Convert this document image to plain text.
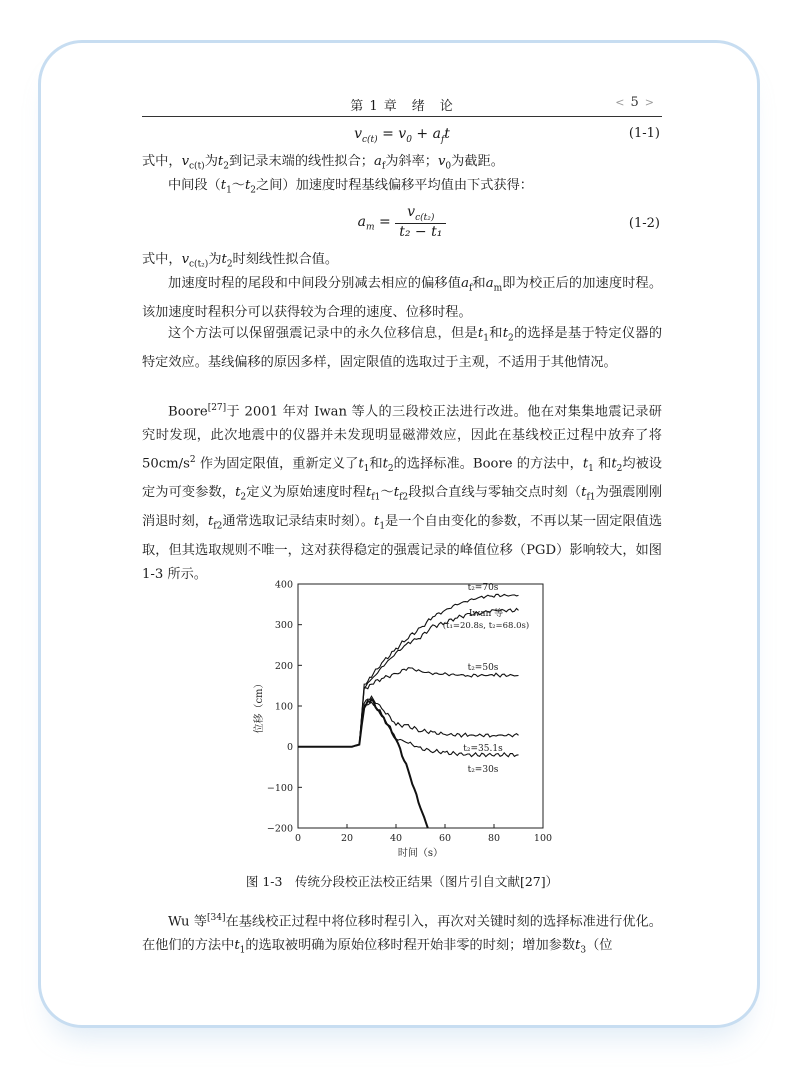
第 1 章　绪　论	< 5 >
$v_{c(t)} = v_0 + a_ft$	(1-1)
式中，$v_{c(t)}$为$t_2$到记录末端的线性拟合；$a_f$为斜率；$v_0$为截距。
中间段（$t_1\sim t_2$之间）加速度时程基线偏移平均值由下式获得：
$a_m = \frac{v_{c(t_2)}}{\text{t₂ − t₁}}$	(1-2)
式中，$v_{c(t_2)}$为$t_2$时刻线性拟合值。
加速度时程的尾段和中间段分别减去相应的偏移值$a_f$和$a_m$即为校正后的加速度时程。该加速度时程积分可以获得较为合理的速度、位移时程。
这个方法可以保留强震记录中的永久位移信息，但是$t_1$和$t_2$的选择是基于特定仪器的特定效应。基线偏移的原因多样，固定限值的选取过于主观，不适用于其他情况。
Boore[27]于 2001 年对 Iwan 等人的三段校正法进行改进。他在对集集地震记录研究时发现，此次地震中的仪器并未发现明显磁滞效应，因此在基线校正过程中放弃了将 $50cm/s^2$ 作为固定限值，重新定义了$t_1$和$t_2$的选择标准。Boore 的方法中，$t_1$ 和$t_2$均被设定为可变参数，$t_2$定义为原始速度时程$t_{f1}\sim t_{f2}$段拟合直线与零轴交点时刻（$t_{f1}$为强震刚刚消退时刻，$t_{f2}$通常选取记录结束时刻）。$t_1$是一个自由变化的参数，不再以某一固定限值选取，但其选取规则不唯一，这对获得稳定的强震记录的峰值位移（PGD）影响较大，如图 1-3 所示。
400
300
200
100
0
−100
−200
0	20	40	60	80	100
时间（s）
位移（cm）
t₂=70s
Iwan 等
(t₁=20.8s, t₂=68.0s)
t₂=50s
t₂=35.1s
t₂=30s
图 1-3　传统分段校正法校正结果（图片引自文献[27]）
Wu 等[34]在基线校正过程中将位移时程引入，再次对关键时刻的选择标准进行优化。在他们的方法中$t_1$的选取被明确为原始位移时程开始非零的时刻；增加参数$t_3$（位
